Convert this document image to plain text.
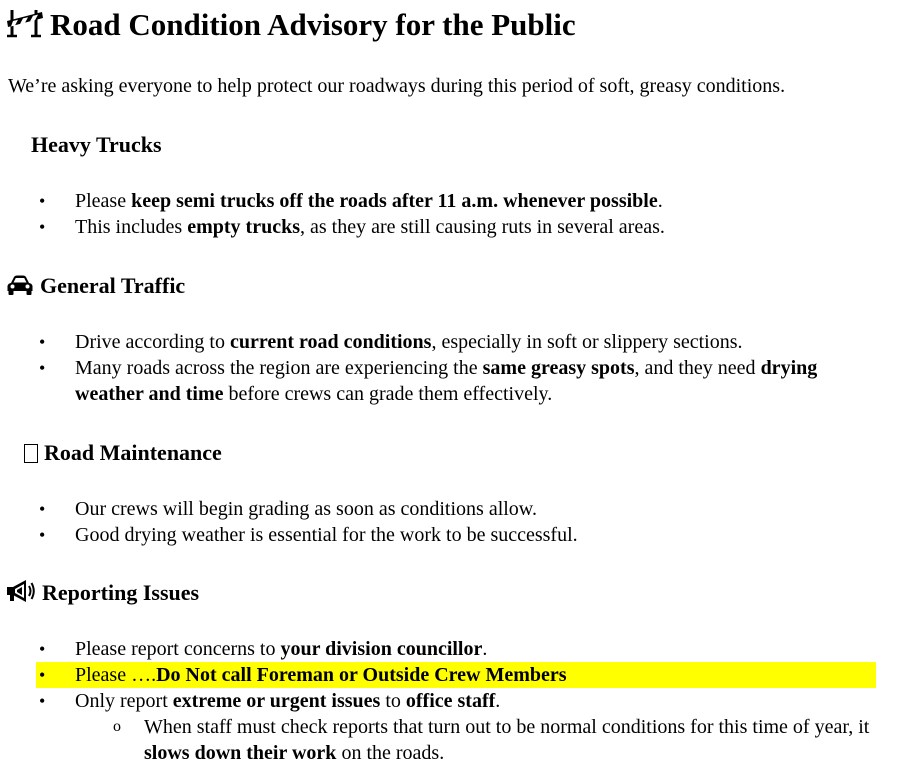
Road Condition Advisory for the Public

We’re asking everyone to help protect our roadways during this period of soft, greasy conditions.

Heavy Trucks
• Please keep semi trucks off the roads after 11 a.m. whenever possible.
• This includes empty trucks, as they are still causing ruts in several areas.
General Traffic
• Drive according to current road conditions, especially in soft or slippery sections.
• Many roads across the region are experiencing the same greasy spots, and they need drying weather and time before crews can grade them effectively.
Road Maintenance
• Our crews will begin grading as soon as conditions allow.
• Good drying weather is essential for the work to be successful.
Reporting Issues
• Please report concerns to your division councillor.
• Please ….Do Not call Foreman or Outside Crew Members
• Only report extreme or urgent issues to office staff.
o When staff must check reports that turn out to be normal conditions for this time of year, it slows down their work on the roads.
